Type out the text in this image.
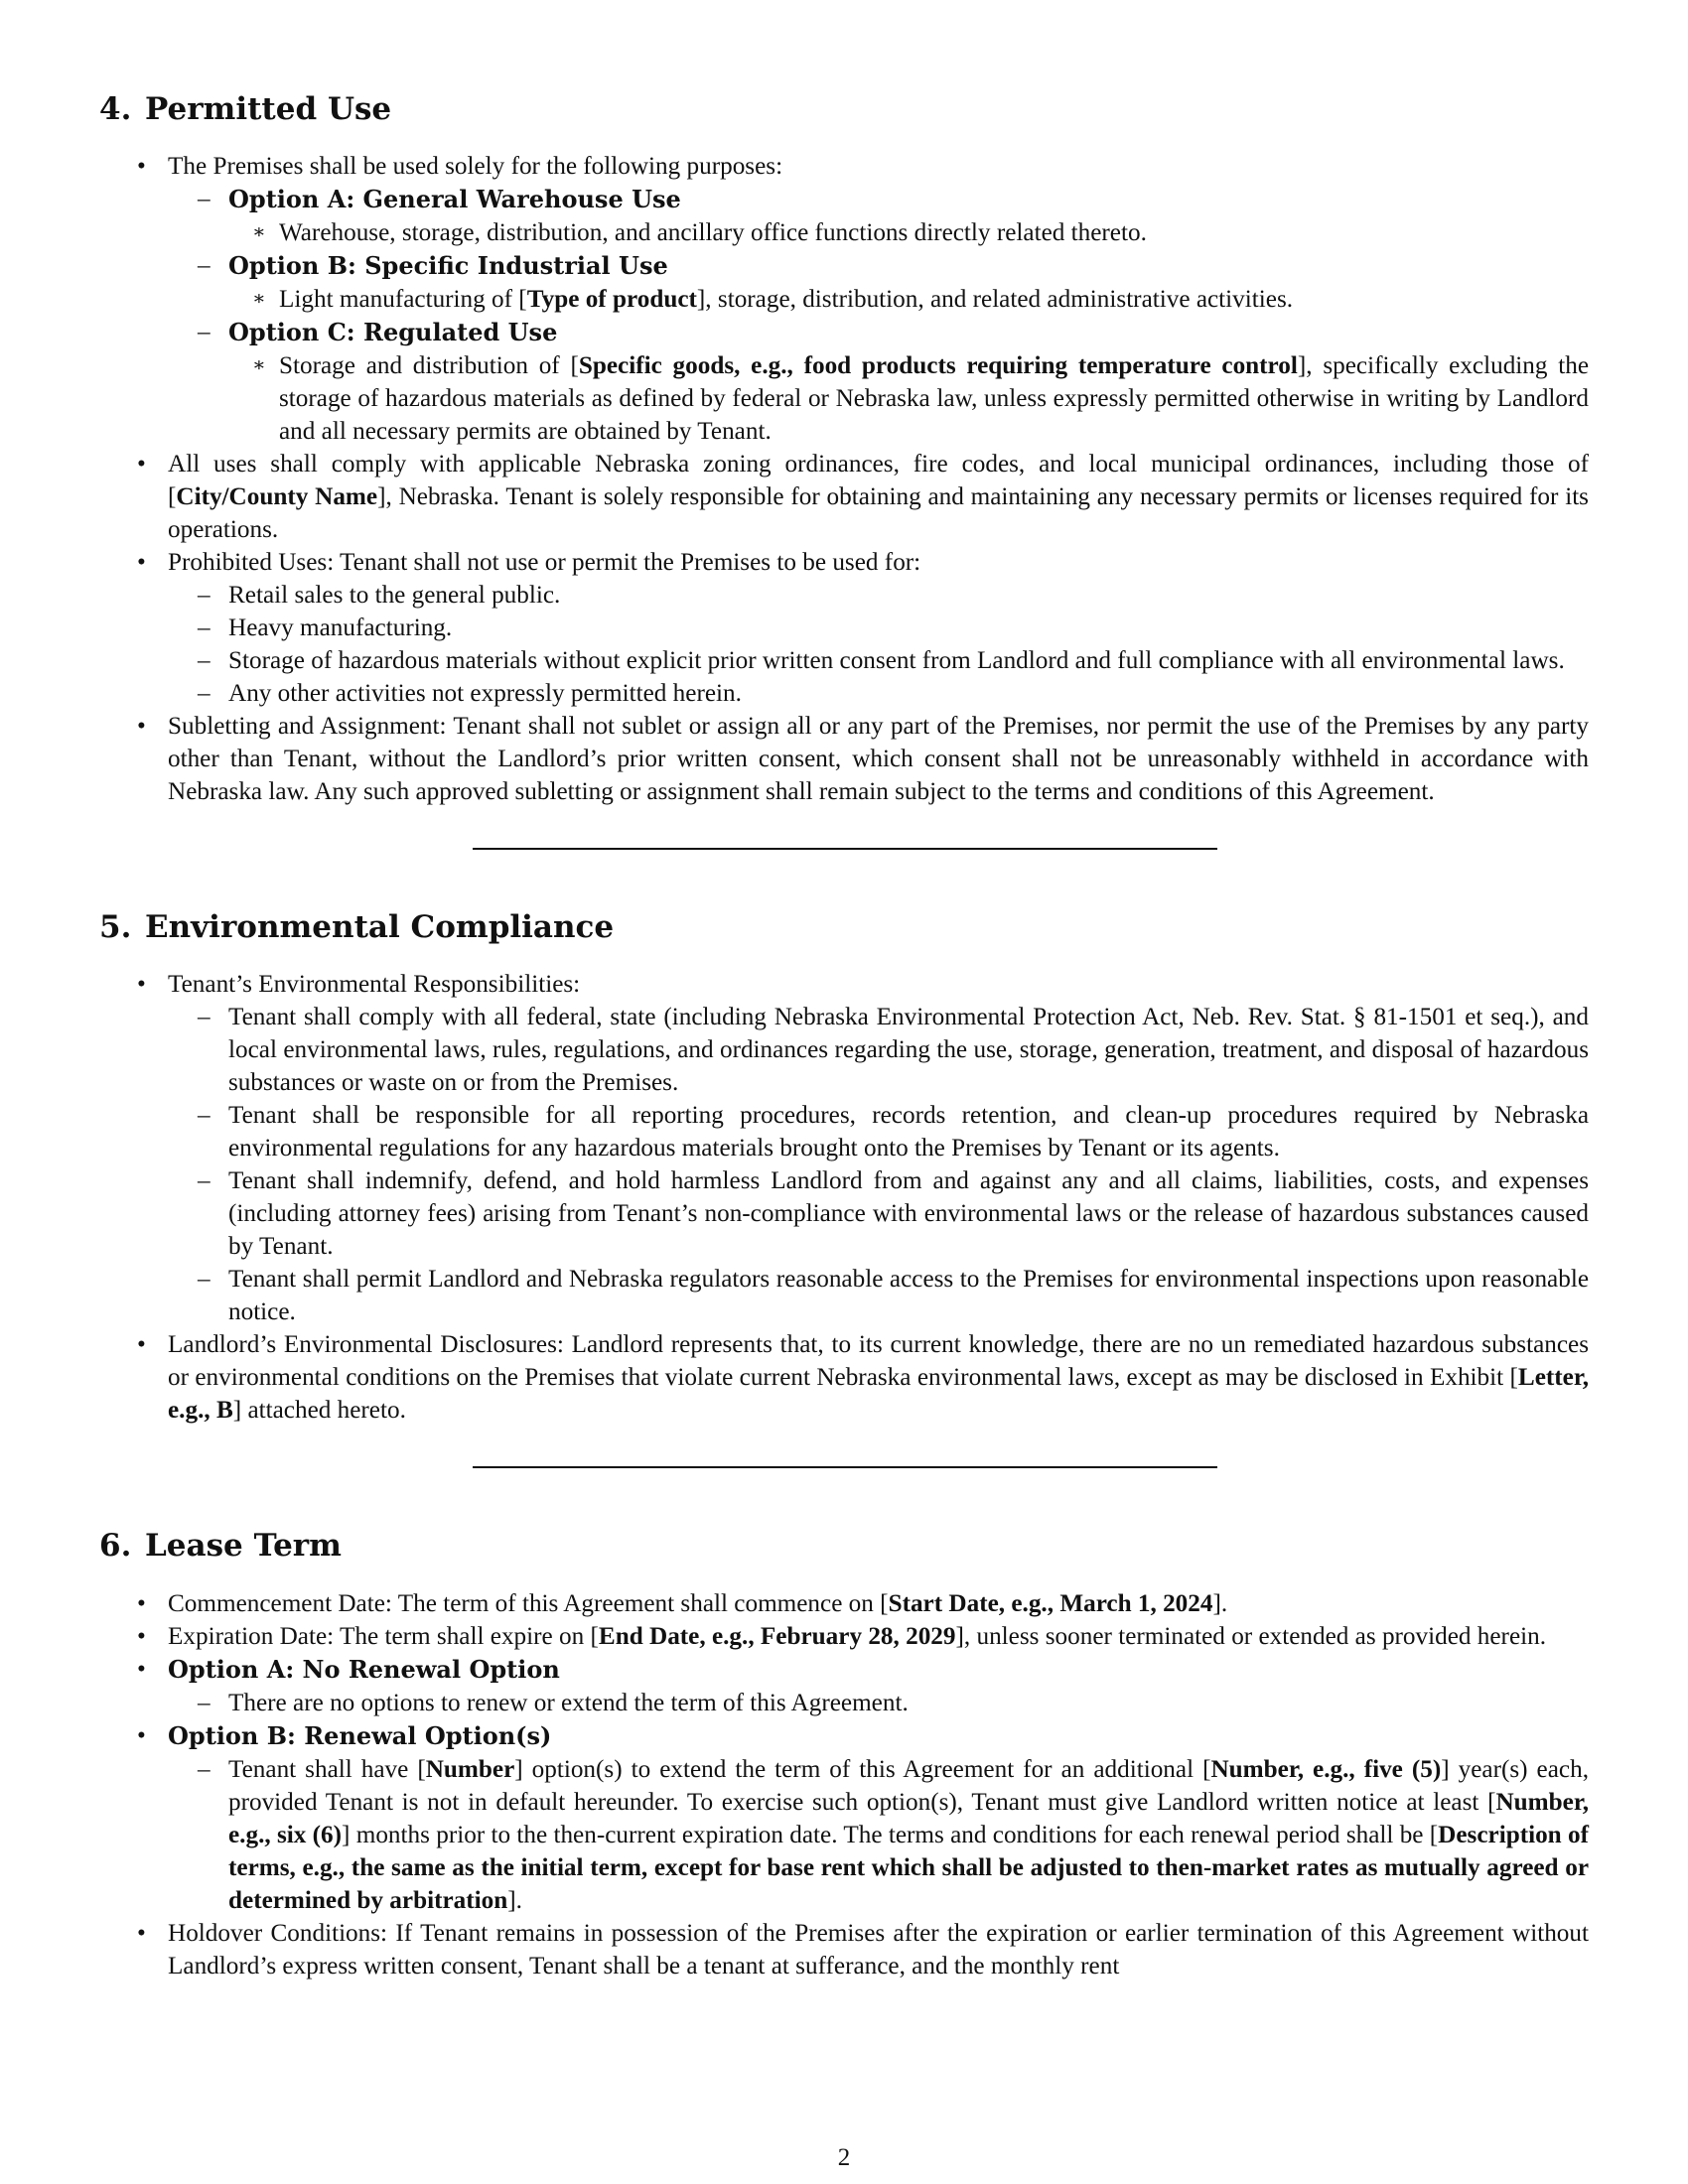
4. Permitted Use
• The Premises shall be used solely for the following purposes:
– Option A: General Warehouse Use
∗ Warehouse, storage, distribution, and ancillary office functions directly related thereto.
– Option B: Specific Industrial Use
∗ Light manufacturing of [Type of product], storage, distribution, and related administrative activities.
– Option C: Regulated Use
∗ Storage and distribution of [Specific goods, e.g., food products requiring temperature control], specifically excluding the storage of hazardous materials as defined by federal or Nebraska law, unless expressly permitted otherwise in writing by Landlord and all necessary permits are obtained by Tenant.
• All uses shall comply with applicable Nebraska zoning ordinances, fire codes, and local municipal ordinances, including those of [City/County Name], Nebraska. Tenant is solely responsible for obtaining and maintaining any necessary permits or licenses required for its operations.
• Prohibited Uses: Tenant shall not use or permit the Premises to be used for:
– Retail sales to the general public.
– Heavy manufacturing.
– Storage of hazardous materials without explicit prior written consent from Landlord and full compliance with all environmental laws.
– Any other activities not expressly permitted herein.
• Subletting and Assignment: Tenant shall not sublet or assign all or any part of the Premises, nor permit the use of the Premises by any party other than Tenant, without the Landlord’s prior written consent, which consent shall not be unreasonably withheld in accordance with Nebraska law. Any such approved subletting or assignment shall remain subject to the terms and conditions of this Agreement.
5. Environmental Compliance
• Tenant’s Environmental Responsibilities:
– Tenant shall comply with all federal, state (including Nebraska Environmental Protection Act, Neb. Rev. Stat. § 81-1501 et seq.), and local environmental laws, rules, regulations, and ordinances regarding the use, storage, generation, treatment, and disposal of hazardous substances or waste on or from the Premises.
– Tenant shall be responsible for all reporting procedures, records retention, and clean-up procedures required by Nebraska environmental regulations for any hazardous materials brought onto the Premises by Tenant or its agents.
– Tenant shall indemnify, defend, and hold harmless Landlord from and against any and all claims, liabilities, costs, and expenses (including attorney fees) arising from Tenant’s non-compliance with environmental laws or the release of hazardous substances caused by Tenant.
– Tenant shall permit Landlord and Nebraska regulators reasonable access to the Premises for environmental inspections upon reasonable notice.
• Landlord’s Environmental Disclosures: Landlord represents that, to its current knowledge, there are no un remediated hazardous substances or environmental conditions on the Premises that violate current Nebraska environmental laws, except as may be disclosed in Exhibit [Letter, e.g., B] attached hereto.
6. Lease Term
• Commencement Date: The term of this Agreement shall commence on [Start Date, e.g., March 1, 2024].
• Expiration Date: The term shall expire on [End Date, e.g., February 28, 2029], unless sooner terminated or extended as provided herein.
• Option A: No Renewal Option
– There are no options to renew or extend the term of this Agreement.
• Option B: Renewal Option(s)
– Tenant shall have [Number] option(s) to extend the term of this Agreement for an additional [Number, e.g., five (5)] year(s) each, provided Tenant is not in default hereunder. To exercise such option(s), Tenant must give Landlord written notice at least [Number, e.g., six (6)] months prior to the then-current expiration date. The terms and conditions for each renewal period shall be [Description of terms, e.g., the same as the initial term, except for base rent which shall be adjusted to then-market rates as mutually agreed or determined by arbitration].
• Holdover Conditions: If Tenant remains in possession of the Premises after the expiration or earlier termination of this Agreement without Landlord’s express written consent, Tenant shall be a tenant at sufferance, and the monthly rent
2
